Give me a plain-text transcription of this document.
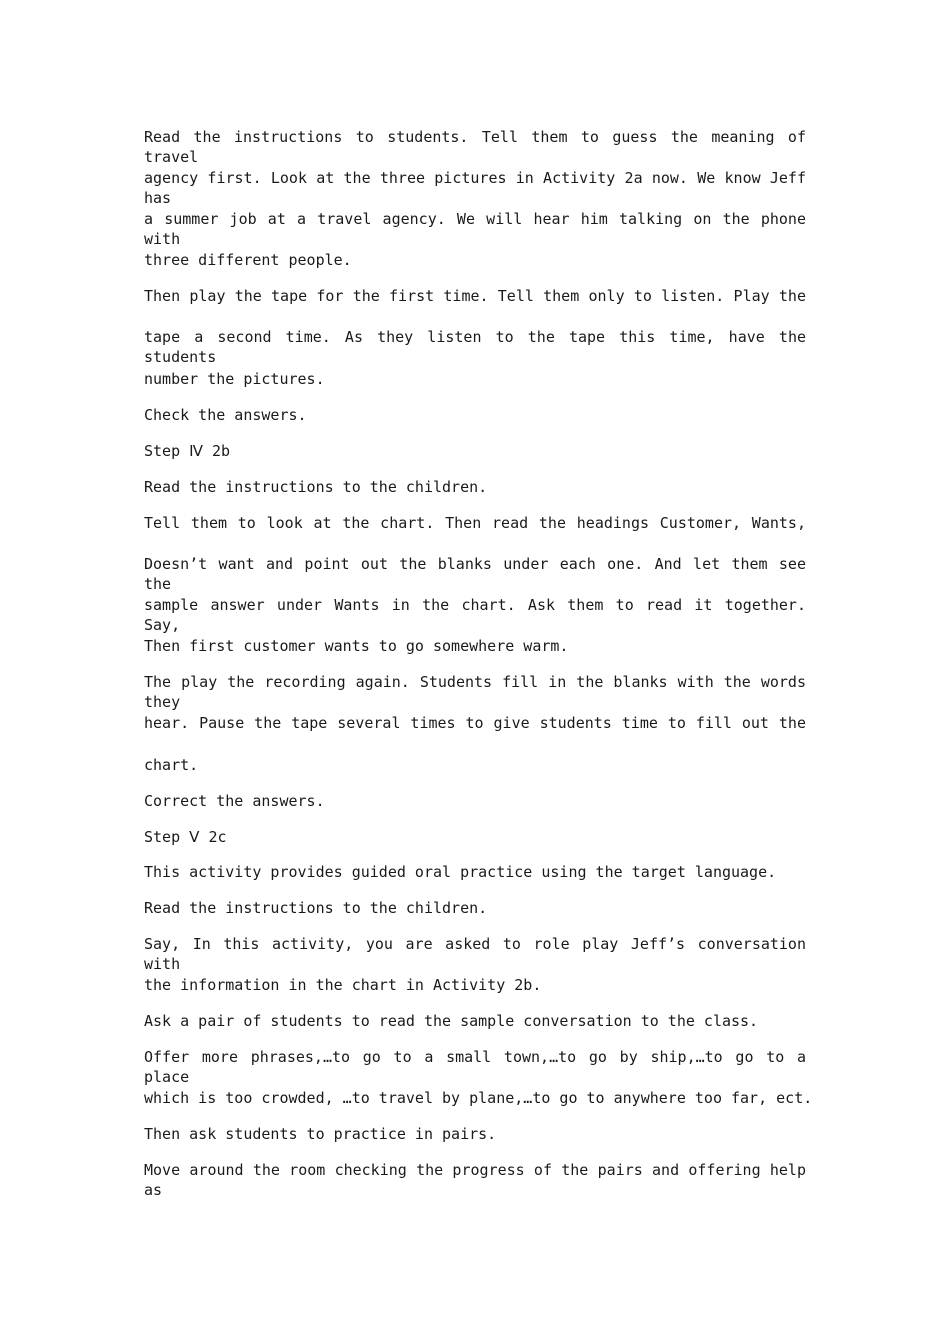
Read the instructions to students. Tell them to guess the meaning of travel
agency first. Look at the three pictures in Activity 2a now. We know Jeff has
a summer job at a travel agency. We will hear him talking on the phone with
three different people.
Then play the tape for the first time. Tell them only to listen. Play the
tape a second time. As they listen to the tape this time, have the students
number the pictures.
Check the answers.
Step Ⅳ 2b
Read the instructions to the children.
Tell them to look at the chart. Then read the headings Customer, Wants,
Doesn’t want and point out the blanks under each one. And let them see the
sample answer under Wants in the chart. Ask them to read it together. Say,
Then first customer wants to go somewhere warm.
The play the recording again. Students fill in the blanks with the words they
hear. Pause the tape several times to give students time to fill out the
chart.
Correct the answers.
Step Ⅴ 2c
This activity provides guided oral practice using the target language.
Read the instructions to the children.
Say, In this activity, you are asked to role play Jeff’s conversation with
the information in the chart in Activity 2b.
Ask a pair of students to read the sample conversation to the class.
Offer more phrases,…to go to a small town,…to go by ship,…to go to a place
which is too crowded, …to travel by plane,…to go to anywhere too far, ect.
Then ask students to practice in pairs.
Move around the room checking the progress of the pairs and offering help as
